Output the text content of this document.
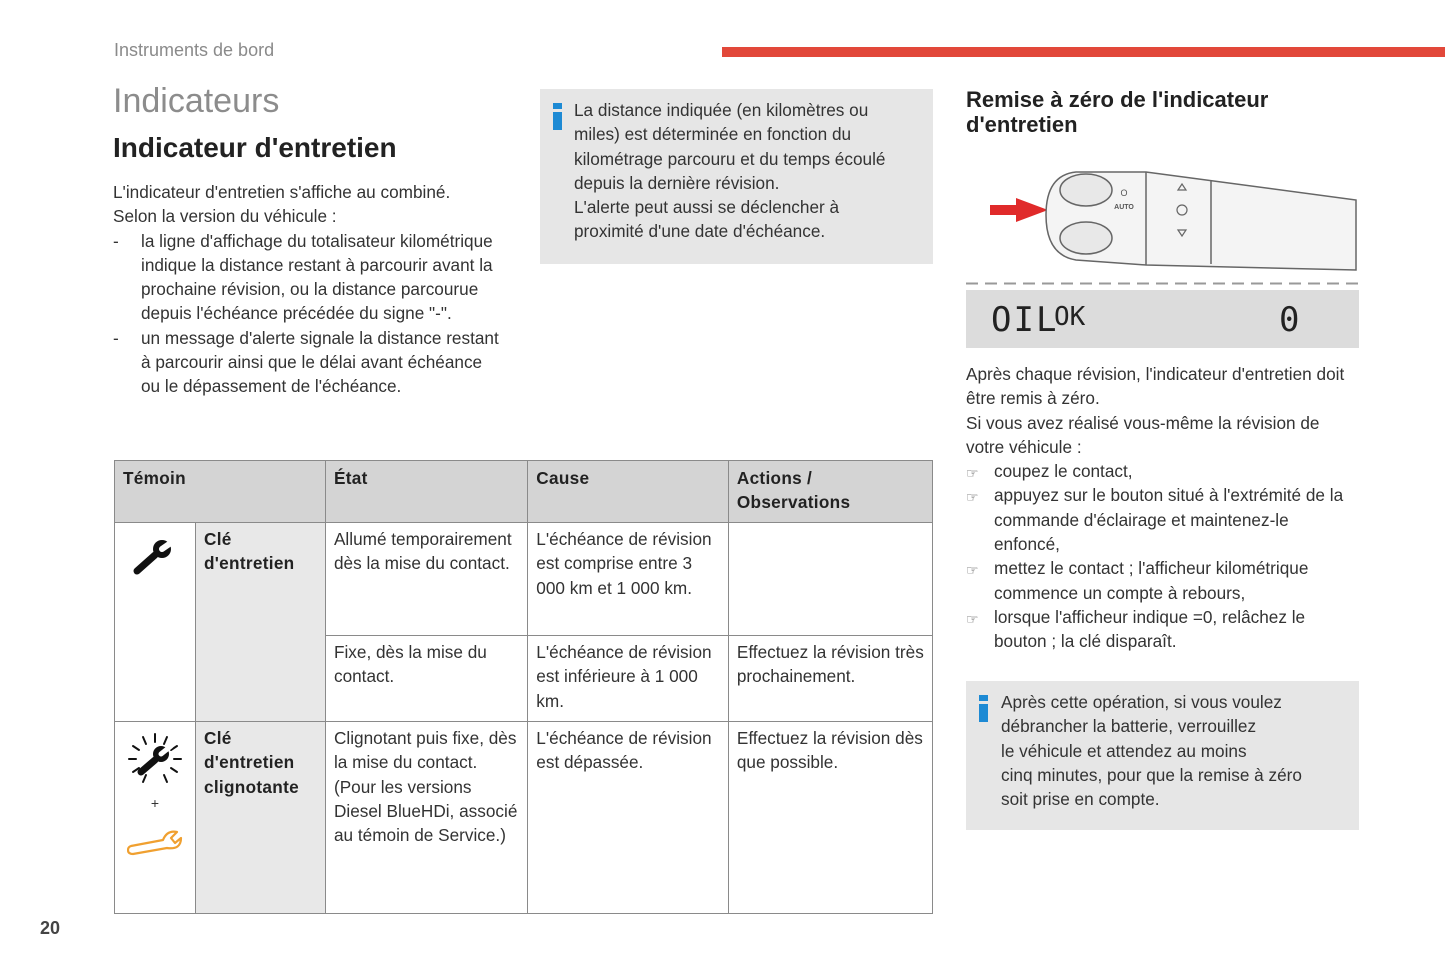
Instruments de bord
Indicateurs
Indicateur d'entretien
L'indicateur d'entretien s'affiche au combiné.
Selon la version du véhicule :
- la ligne d'affichage du totalisateur kilométrique indique la distance restant à parcourir avant la prochaine révision, ou la distance parcourue depuis l'échéance précédée du signe "-".
- un message d'alerte signale la distance restant à parcourir ainsi que le délai avant échéance ou le dépassement de l'échéance.
La distance indiquée (en kilomètres ou
miles) est déterminée en fonction du
kilométrage parcouru et du temps écoulé
depuis la dernière révision.
L'alerte peut aussi se déclencher à
proximité d'une date d'échéance.
Témoin		État	Cause	Actions / Observations
	Clé d'entretien	Allumé temporairement dès la mise du contact.	L'échéance de révision est comprise entre 3 000 km et 1 000 km.	
		Fixe, dès la mise du contact.	L'échéance de révision est inférieure à 1 000 km.	Effectuez la révision très prochainement.

+	Clé d'entretien clignotante	Clignotant puis fixe, dès la mise du contact. (Pour les versions Diesel BlueHDi, associé au témoin de Service.)	L'échéance de révision est dépassée.	Effectuez la révision dès que possible.
Remise à zéro de l'indicateur d'entretien
O
AUTO
OIL
OK	0
Après chaque révision, l'indicateur d'entretien doit être remis à zéro.
Si vous avez réalisé vous-même la révision de votre véhicule :
☞ coupez le contact,
☞ appuyez sur le bouton situé à l'extrémité de la commande d'éclairage et maintenez-le enfoncé,
☞ mettez le contact ; l'afficheur kilométrique commence un compte à rebours,
☞ lorsque l'afficheur indique =0, relâchez le bouton ; la clé disparaît.
Après cette opération, si vous voulez
débrancher la batterie, verrouillez
le véhicule et attendez au moins
cinq minutes, pour que la remise à zéro
soit prise en compte.
20
